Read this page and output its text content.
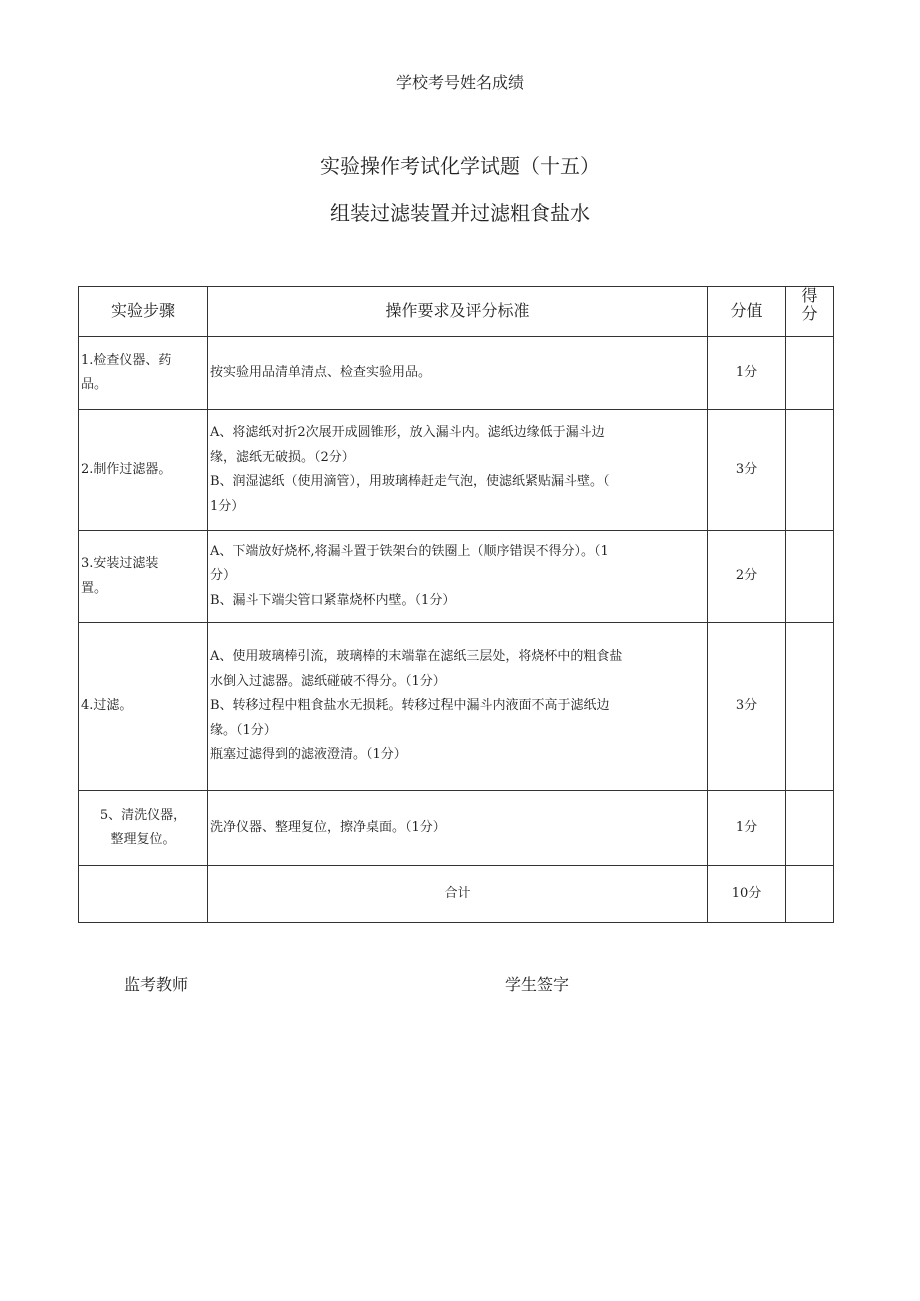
学校考号姓名成绩
实验操作考试化学试题（十五）
组装过滤装置并过滤粗食盐水
实验步骤	操作要求及评分标准	分值	得分

1.检查仪器、药
品。	按实验用品清单清点、检查实验用品。	1分	

2.制作过滤器。	A、将滤纸对折2次展开成圆锥形，放入漏斗内。滤纸边缘低于漏斗边
缘，滤纸无破损。（2分）
B、润湿滤纸（使用滴管），用玻璃棒赶走气泡，使滤纸紧贴漏斗壁。（
1分）	3分	

3.安装过滤装
置。	A、下端放好烧杯,将漏斗置于铁架台的铁圈上（顺序错误不得分）。（1
分）
B、漏斗下端尖管口紧靠烧杯内壁。（1分）	2分	

4.过滤。	A、使用玻璃棒引流，玻璃棒的末端靠在滤纸三层处，将烧杯中的粗食盐
水倒入过滤器。滤纸碰破不得分。（1分）
B、转移过程中粗食盐水无损耗。转移过程中漏斗内液面不高于滤纸边
缘。（1分）
瓶塞过滤得到的滤液澄清。（1分）	3分	

5、清洗仪器，
整理复位。	洗净仪器、整理复位，擦净桌面。（1分）	1分	

	合计	10分	
监考教师	学生签字
